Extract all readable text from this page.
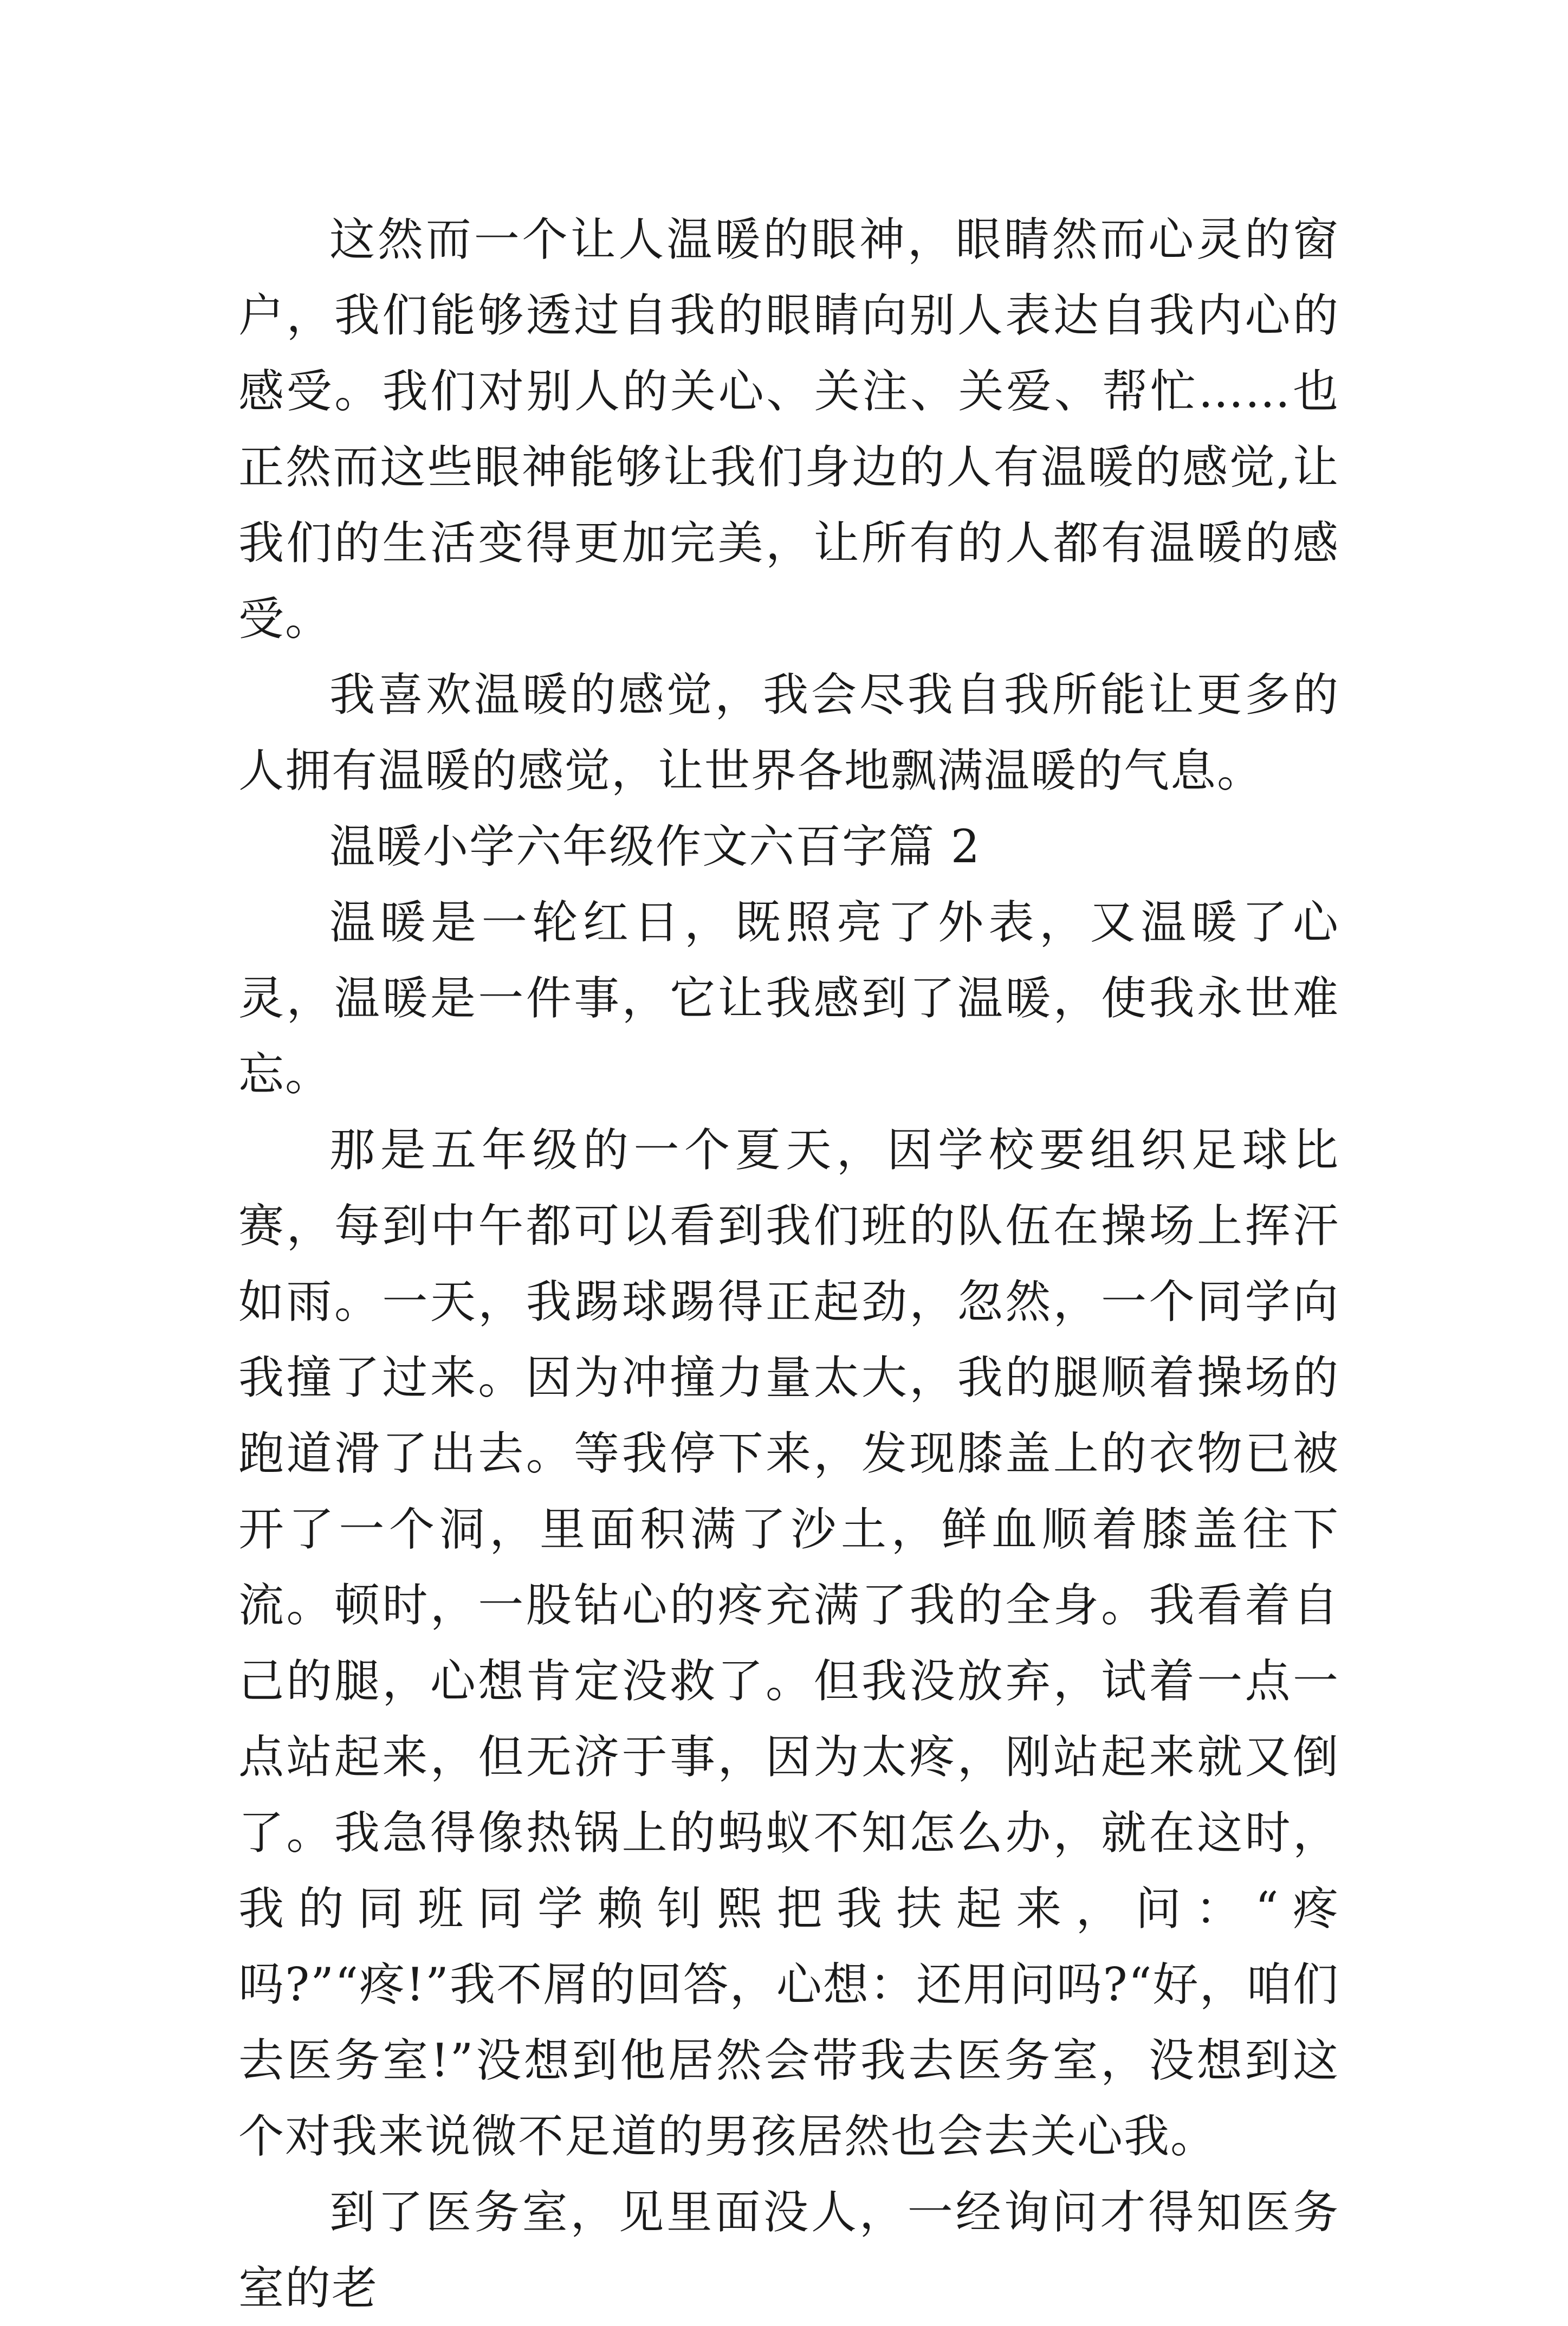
这然而一个让人温暖的眼神，眼睛然而心灵的窗户，我们能够透过自我的眼睛向别人表达自我内心的感受。我们对别人的关心、关注、关爱、帮忙……也正然而这些眼神能够让我们身边的人有温暖的感觉,让我们的生活变得更加完美，让所有的人都有温暖的感受。

我喜欢温暖的感觉，我会尽我自我所能让更多的人拥有温暖的感觉，让世界各地飘满温暖的气息。

温暖小学六年级作文六百字篇 2

温暖是一轮红日，既照亮了外表，又温暖了心灵，温暖是一件事，它让我感到了温暖，使我永世难忘。

那是五年级的一个夏天，因学校要组织足球比赛，每到中午都可以看到我们班的队伍在操场上挥汗如雨。一天，我踢球踢得正起劲，忽然，一个同学向我撞了过来。因为冲撞力量太大，我的腿顺着操场的跑道滑了出去。等我停下来，发现膝盖上的衣物已被开了一个洞，里面积满了沙土，鲜血顺着膝盖往下流。顿时，一股钻心的疼充满了我的全身。我看着自己的腿，心想肯定没救了。但我没放弃，试着一点一点站起来，但无济于事，因为太疼，刚站起来就又倒了。我急得像热锅上的蚂蚁不知怎么办，就在这时，我的同班同学赖钊熙把我扶起来，问：“疼吗?”“疼!”我不屑的回答，心想：还用问吗?“好，咱们去医务室!”没想到他居然会带我去医务室，没想到这个对我来说微不足道的男孩居然也会去关心我。

到了医务室，见里面没人，一经询问才得知医务室的老
